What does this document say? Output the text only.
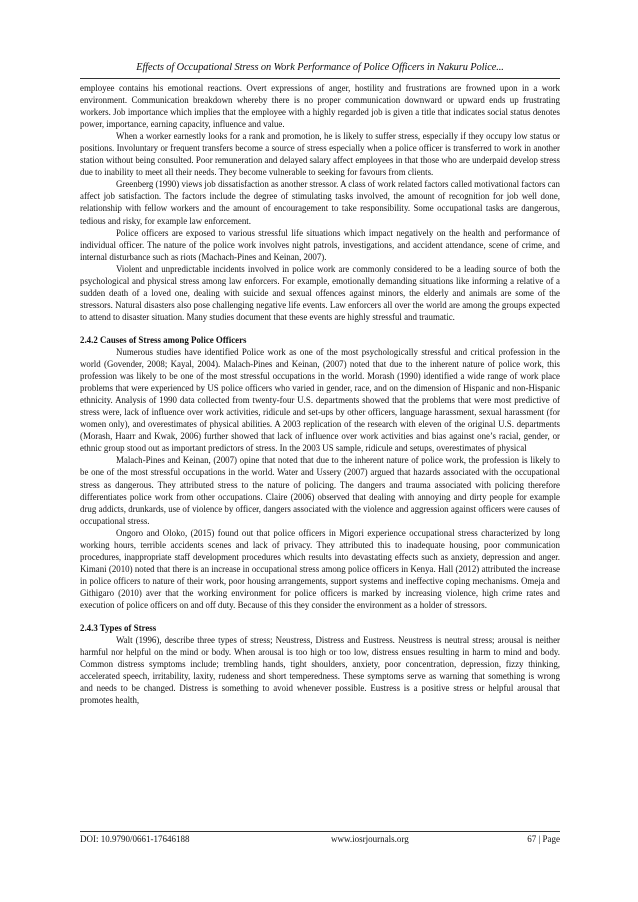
Effects of Occupational Stress on Work Performance of Police Officers in Nakuru Police...

employee contains his emotional reactions. Overt expressions of anger, hostility and frustrations are frowned upon in a work environment. Communication breakdown whereby there is no proper communication downward or upward ends up frustrating workers. Job importance which implies that the employee with a highly regarded job is given a title that indicates social status denotes power, importance, earning capacity, influence and value.

When a worker earnestly looks for a rank and promotion, he is likely to suffer stress, especially if they occupy low status or positions. Involuntary or frequent transfers become a source of stress especially when a police officer is transferred to work in another station without being consulted. Poor remuneration and delayed salary affect employees in that those who are underpaid develop stress due to inability to meet all their needs. They become vulnerable to seeking for favours from clients.

Greenberg (1990) views job dissatisfaction as another stressor. A class of work related factors called motivational factors can affect job satisfaction. The factors include the degree of stimulating tasks involved, the amount of recognition for job well done, relationship with fellow workers and the amount of encouragement to take responsibility. Some occupational tasks are dangerous, tedious and risky, for example law enforcement.

Police officers are exposed to various stressful life situations which impact negatively on the health and performance of individual officer. The nature of the police work involves night patrols, investigations, and accident attendance, scene of crime, and internal disturbance such as riots (Machach-Pines and Keinan, 2007).

Violent and unpredictable incidents involved in police work are commonly considered to be a leading source of both the psychological and physical stress among law enforcers. For example, emotionally demanding situations like informing a relative of a sudden death of a loved one, dealing with suicide and sexual offences against minors, the elderly and animals are some of the stressors. Natural disasters also pose challenging negative life events. Law enforcers all over the world are among the groups expected to attend to disaster situation. Many studies document that these events are highly stressful and traumatic.

2.4.2 Causes of Stress among Police Officers

Numerous studies have identified Police work as one of the most psychologically stressful and critical profession in the world (Govender, 2008; Kayal, 2004). Malach-Pines and Keinan, (2007) noted that due to the inherent nature of police work, this profession was likely to be one of the most stressful occupations in the world. Morash (1990) identified a wide range of work place problems that were experienced by US police officers who varied in gender, race, and on the dimension of Hispanic and non-Hispanic ethnicity. Analysis of 1990 data collected from twenty-four U.S. departments showed that the problems that were most predictive of stress were, lack of influence over work activities, ridicule and set-ups by other officers, language harassment, sexual harassment (for women only), and overestimates of physical abilities. A 2003 replication of the research with eleven of the original U.S. departments (Morash, Haarr and Kwak, 2006) further showed that lack of influence over work activities and bias against one’s racial, gender, or ethnic group stood out as important predictors of stress. In the 2003 US sample, ridicule and setups, overestimates of physical

Malach-Pines and Keinan, (2007) opine that noted that due to the inherent nature of police work, the profession is likely to be one of the most stressful occupations in the world. Water and Ussery (2007) argued that hazards associated with the occupational stress as dangerous. They attributed stress to the nature of policing. The dangers and trauma associated with policing therefore differentiates police work from other occupations. Claire (2006) observed that dealing with annoying and dirty people for example drug addicts, drunkards, use of violence by officer, dangers associated with the violence and aggression against officers were causes of occupational stress.

Ongoro and Oloko, (2015) found out that police officers in Migori experience occupational stress characterized by long working hours, terrible accidents scenes and lack of privacy. They attributed this to inadequate housing, poor communication procedures, inappropriate staff development procedures which results into devastating effects such as anxiety, depression and anger. Kimani (2010) noted that there is an increase in occupational stress among police officers in Kenya. Hall (2012) attributed the increase in police officers to nature of their work, poor housing arrangements, support systems and ineffective coping mechanisms. Omeja and Githigaro (2010) aver that the working environment for police officers is marked by increasing violence, high crime rates and execution of police officers on and off duty. Because of this they consider the environment as a holder of stressors.

2.4.3 Types of Stress

Walt (1996), describe three types of stress; Neustress, Distress and Eustress. Neustress is neutral stress; arousal is neither harmful nor helpful on the mind or body. When arousal is too high or too low, distress ensues resulting in harm to mind and body. Common distress symptoms include; trembling hands, tight shoulders, anxiety, poor concentration, depression, fizzy thinking, accelerated speech, irritability, laxity, rudeness and short temperedness. These symptoms serve as warning that something is wrong and needs to be changed. Distress is something to avoid whenever possible. Eustress is a positive stress or helpful arousal that promotes health,

DOI: 10.9790/0661-17646188	www.iosrjournals.org	67 | Page
